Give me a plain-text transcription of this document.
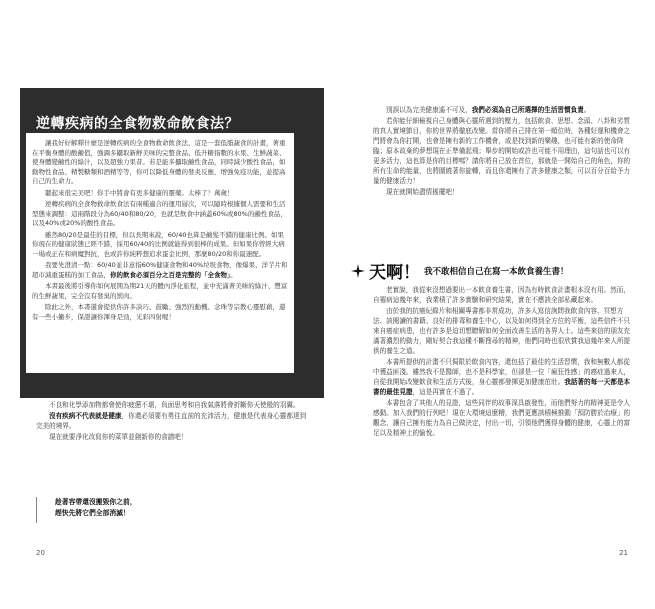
逆轉疾病的全食物救命飲食法？

讓我好好解釋什麼是逆轉疾病的全食物救命飲食法，這是一套低脂蔬食的計畫，著重在平衡身體的酸鹼值，強調多攝取新鮮美味的完整食品、低升糖指數的水果、生鮮蔬菜、使身體變鹼性的綠汁，以及超強力果昔。若是能多攝取鹼性食品，同時減少酸性食品，如動物性食品、精製糖類和酒精等等，你可以降低身體的發炎反應，增強免疫功能，並提高自己的生命力。

聽起來很完美吧！你手中將會有更多健康的靈藥。太棒了！萬歲！

逆轉疾病的全食物救命飲食法有兩種適合的運用層次，可以隨時根據個人需要和生活型態來調整：這兩階段分為60/40和80/20，也就是飲食中涵蓋60%或80%的鹼性食品，以及40%或20%的酸性食品。

雖然80/20是最佳的目標，但以長期來說，60/40也算是鹼髮不錯的健康比例。如果你現在的健康狀態已經不錯，採用60/40的比例就能得到很棒的成果。但如果你曾經大病一場或正在和病魔對抗，也或許你純粹想追求蛋金比例，那麼80/20和你最速配。

我要先澄清一點：60/40並非意指60%健康食物和40%垃圾食物，像爆果、洋芋片和超市減重蛋糕的加工食品，你的飲食必須百分之百是完整的「全食物」。

本書最後將引導你如何展開為期21天的體內淨化旅程，並中充滿著美味的綠汁、豐富的生鮮蔬果，完全沒有發臭的罰肉。

除此之外，本書還會提供你許多訣巧、鼓勵、強烈的動機、念珠等宗教心靈慰藉，還有一些小撇步，保證讓你渾身是勁，光彩四射喔！

不良和化學添加物都會使你疲憊不堪，負面思考和自我氣落將會折斷你天使般的羽翼。

沒有疾病不代表就是健康，你還必須要有勇往直前的充沛活力，健康是代表身心靈都達到完美的境界。

現在就要淨化改寫你的菜單並創新你的食譜吧！

趁著容帶還沒搬毀你之前，
趕快先將它們全部消滅！
20

別誤以為完美健康遙不可及，我們必須為自己所選擇的生活習慣負責。

若你能仔細檢視自己身體與心靈所遇到的壓力，包括飲食、思想、念頭、八卦和劣質的真人實境節目，你的世界將徹底改變。當你將自己排在第一順位時，各種好運和機會之門將會為你打開，也會是擁有新的工作機會，或是找到新的樂趣，也可能有新的使命降臨；原本故棄的夢想現在正準備起飛；舉步的開始或許也可能不用理由，這句話也可以有更多活力，這也算是你的目標嗎？請你將自己放在首位，那就是一開始自己的角色，你的所有生命的能量，也將圍繞著你旋轉，而且你還擁有了許多健康之類，可以百分百給予力量的健康活力！

現在就開始盡情搖擺吧！

天啊！ 我不敢相信自己在寫一本飲食養生書！

老實說，我從來沒想過要出一本飲食養生書，因為有時飲食計畫根本沒有用。然而，自罹病這幾年來，我業積了許多實驗和研究結果，實在不應該全部私藏起來。

由於我的抗癌紀錄片和相關專書都非常成功，許多人寫信詢問我飲食內容、冥想方法、該閱讀的書籍、良好的排毒和養生中心，以及如何得到全方位的平衡，這些信件不只來自癌症病患，也有許多是迫切想瞭解如何全面改善生活的各界人士。這些來信的朋友充滿著濃烈的動力，剛好契合我這種不斷搜尋的精神，他們同時也很欣賞我這幾年來人所提供的養生之道。

本書所提供的計畫不只侷限於飲食內容，還包括了最佳的生活習慣，我和無數人都從中獲益匪淺。雖然我不是醫師，也不是科學家，但卻是一位「瘋狂性感」的癌症過來人，自從我開始改變飲食和生活方式後，身心靈都發揮更加健康茁壯。我話著的每一天都是本書的最佳見證，這是再實在不過了。

本書包含了其他人的見證，這些同伴的故事深具啟發性，而他們努力的精神更是令人感動。加入我們的行列吧！現在大環境這麼糟，我們更應該積極推動「預防勝於治療」的觀念，讓自己擁有能力為自己做決定，付出一切，引領他們獲得身體的健康，心靈上的富足以及精神上的愉悅。

21
